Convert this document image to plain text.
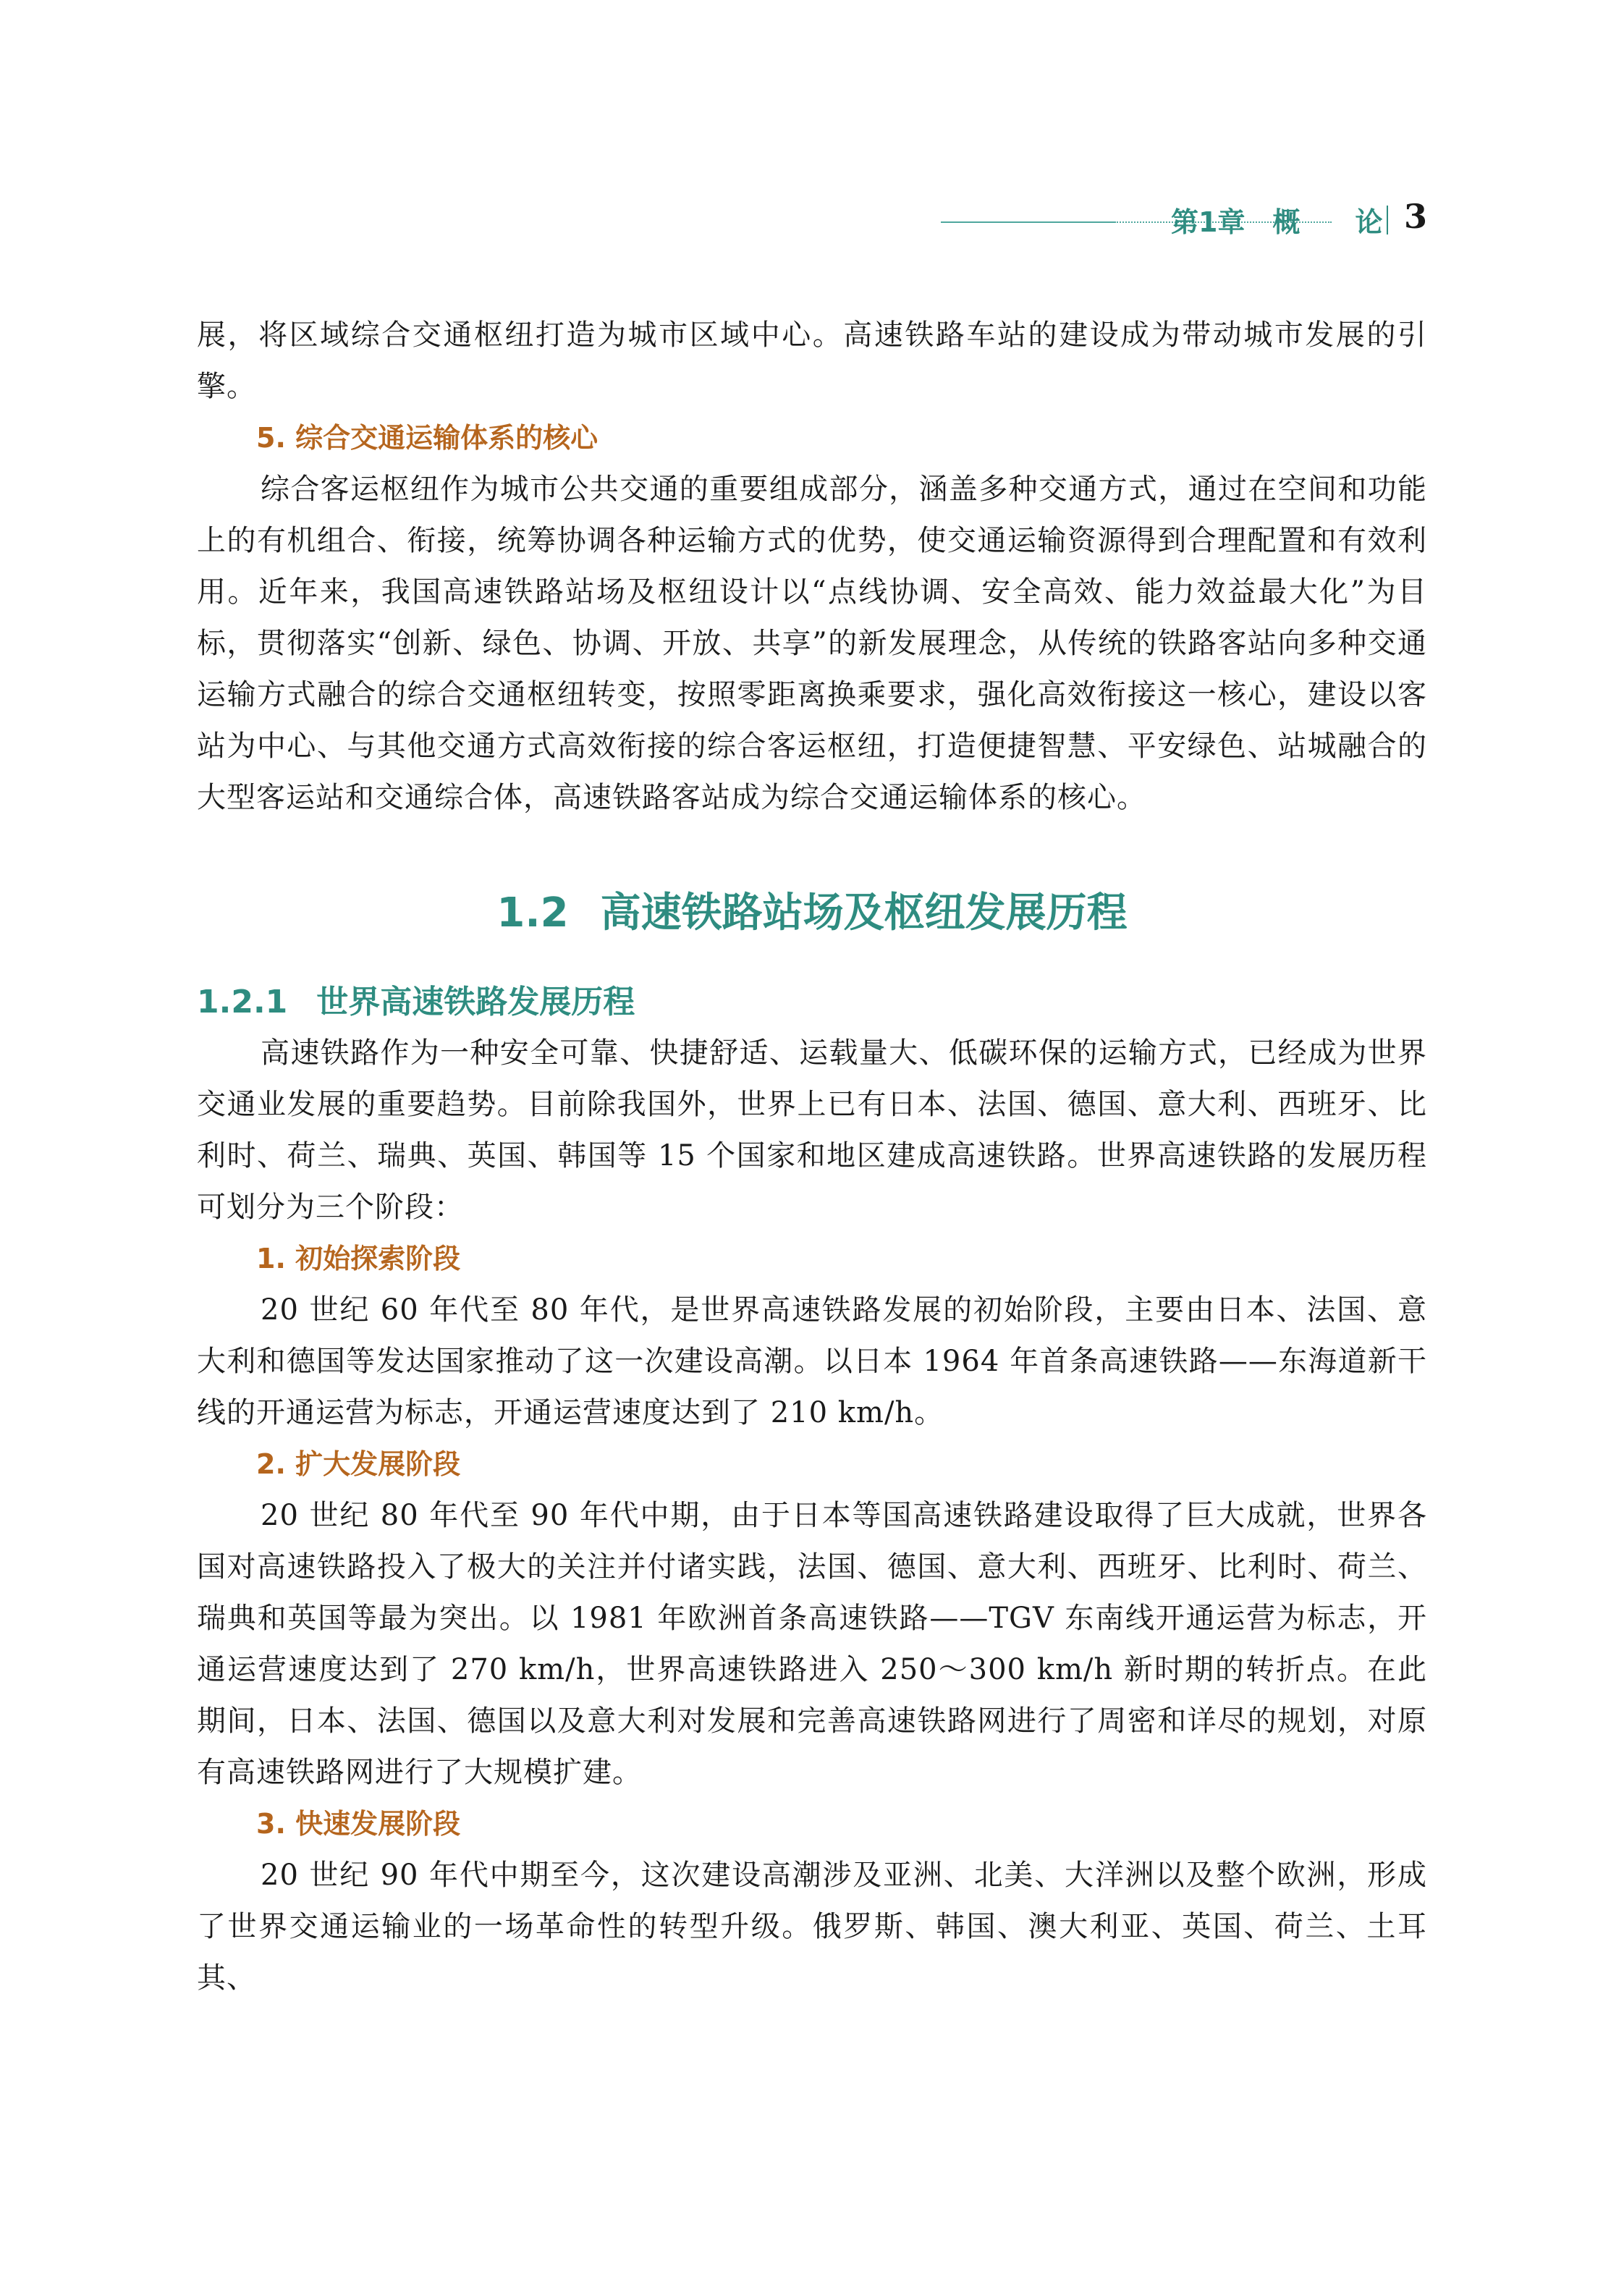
第1章　概　　论 3

展，将区域综合交通枢纽打造为城市区域中心。高速铁路车站的建设成为带动城市发展的引擎。

5. 综合交通运输体系的核心

综合客运枢纽作为城市公共交通的重要组成部分，涵盖多种交通方式，通过在空间和功能上的有机组合、衔接，统筹协调各种运输方式的优势，使交通运输资源得到合理配置和有效利用。近年来，我国高速铁路站场及枢纽设计以“点线协调、安全高效、能力效益最大化”为目标，贯彻落实“创新、绿色、协调、开放、共享”的新发展理念，从传统的铁路客站向多种交通运输方式融合的综合交通枢纽转变，按照零距离换乘要求，强化高效衔接这一核心，建设以客站为中心、与其他交通方式高效衔接的综合客运枢纽，打造便捷智慧、平安绿色、站城融合的大型客运站和交通综合体，高速铁路客站成为综合交通运输体系的核心。

1.2 高速铁路站场及枢纽发展历程
1.2.1 世界高速铁路发展历程

高速铁路作为一种安全可靠、快捷舒适、运载量大、低碳环保的运输方式，已经成为世界交通业发展的重要趋势。目前除我国外，世界上已有日本、法国、德国、意大利、西班牙、比利时、荷兰、瑞典、英国、韩国等 15 个国家和地区建成高速铁路。世界高速铁路的发展历程可划分为三个阶段：

1. 初始探索阶段

20 世纪 60 年代至 80 年代，是世界高速铁路发展的初始阶段，主要由日本、法国、意大利和德国等发达国家推动了这一次建设高潮。以日本 1964 年首条高速铁路——东海道新干线的开通运营为标志，开通运营速度达到了 210 km/h。

2. 扩大发展阶段

20 世纪 80 年代至 90 年代中期，由于日本等国高速铁路建设取得了巨大成就，世界各国对高速铁路投入了极大的关注并付诸实践，法国、德国、意大利、西班牙、比利时、荷兰、瑞典和英国等最为突出。以 1981 年欧洲首条高速铁路——TGV 东南线开通运营为标志，开通运营速度达到了 270 km/h，世界高速铁路进入 250～300 km/h 新时期的转折点。在此期间，日本、法国、德国以及意大利对发展和完善高速铁路网进行了周密和详尽的规划，对原有高速铁路网进行了大规模扩建。

3. 快速发展阶段

20 世纪 90 年代中期至今，这次建设高潮涉及亚洲、北美、大洋洲以及整个欧洲，形成了世界交通运输业的一场革命性的转型升级。俄罗斯、韩国、澳大利亚、英国、荷兰、土耳其、
